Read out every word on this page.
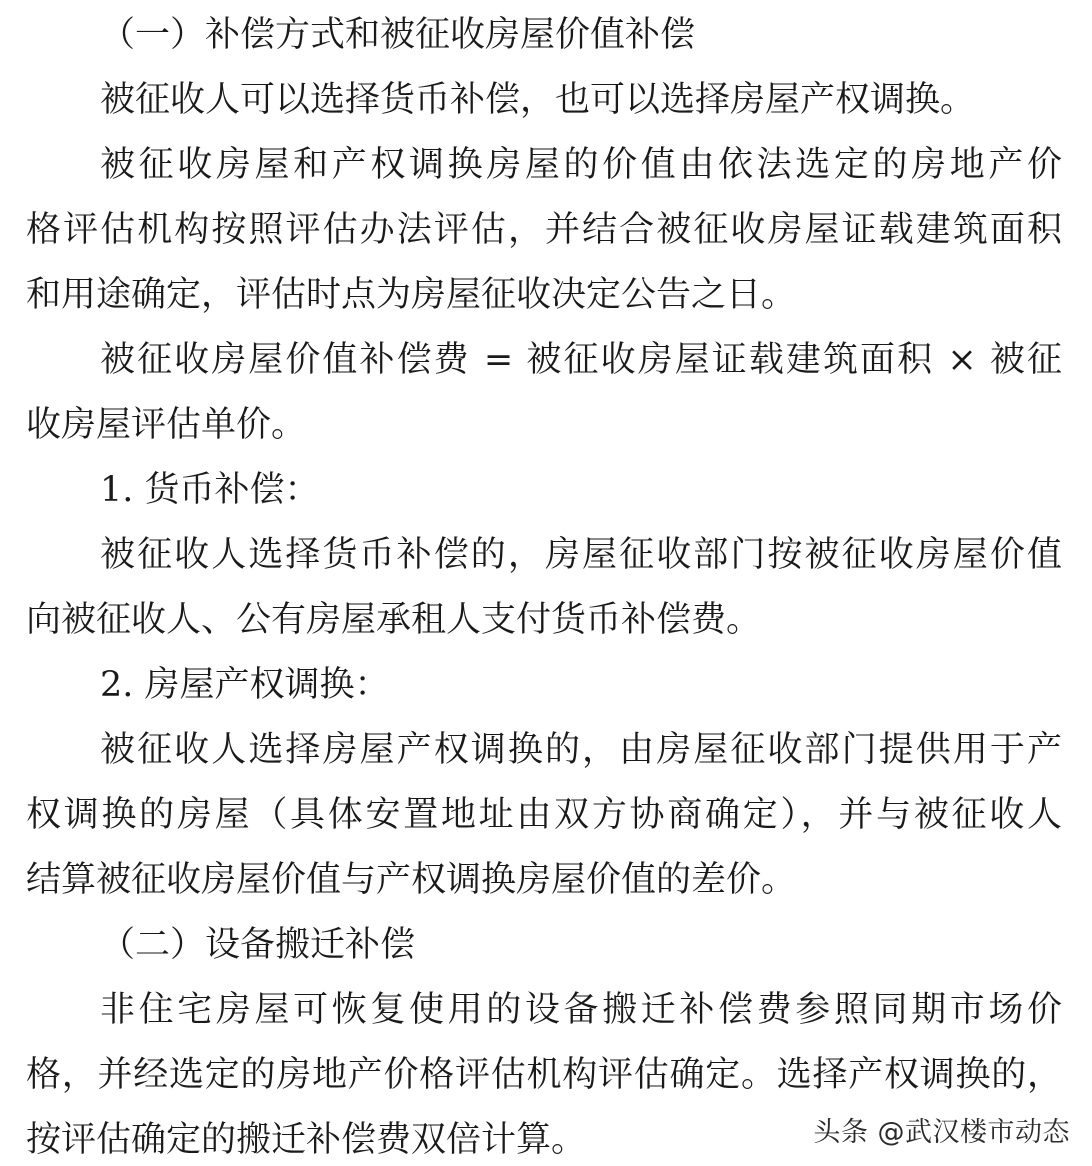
（一）补偿方式和被征收房屋价值补偿
被征收人可以选择货币补偿，也可以选择房屋产权调换。
被征收房屋和产权调换房屋的价值由依法选定的房地产价
格评估机构按照评估办法评估，并结合被征收房屋证载建筑面积
和用途确定，评估时点为房屋征收决定公告之日。
被征收房屋价值补偿费 = 被征收房屋证载建筑面积 × 被征
收房屋评估单价。
1. 货币补偿：
被征收人选择货币补偿的，房屋征收部门按被征收房屋价值
向被征收人、公有房屋承租人支付货币补偿费。
2. 房屋产权调换：
被征收人选择房屋产权调换的，由房屋征收部门提供用于产
权调换的房屋（具体安置地址由双方协商确定），并与被征收人
结算被征收房屋价值与产权调换房屋价值的差价。
（二）设备搬迁补偿
非住宅房屋可恢复使用的设备搬迁补偿费参照同期市场价
格，并经选定的房地产价格评估机构评估确定。选择产权调换的，
按评估确定的搬迁补偿费双倍计算。	头条 @武汉楼市动态
